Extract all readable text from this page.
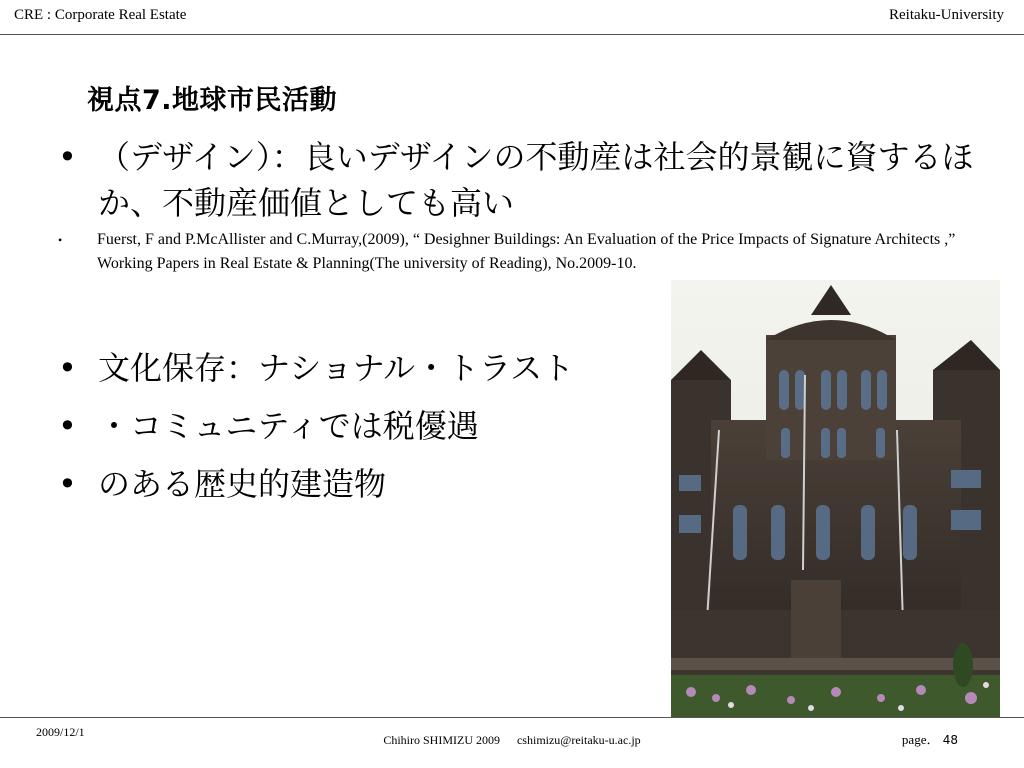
CRE : Corporate Real Estate	Reitaku-University
視点7.地球市民活動
• （デザイン）：良いデザインの不動産は社会的景観に資するほか、不動産価値としても高い
• Fuerst, F and P.McAllister and C.Murray,(2009), “ Desighner Buildings: An Evaluation of the Price Impacts of Signature Architects ,” Working Papers in Real Estate & Planning(The university of Reading), No.2009-10.
• 文化保存：ナショナル・トラスト
• ・コミュニティでは税優遇
• のある歴史的建造物
2009/12/1
Chihiro SHIMIZU 2009 cshimizu@reitaku-u.ac.jp	page． 48
